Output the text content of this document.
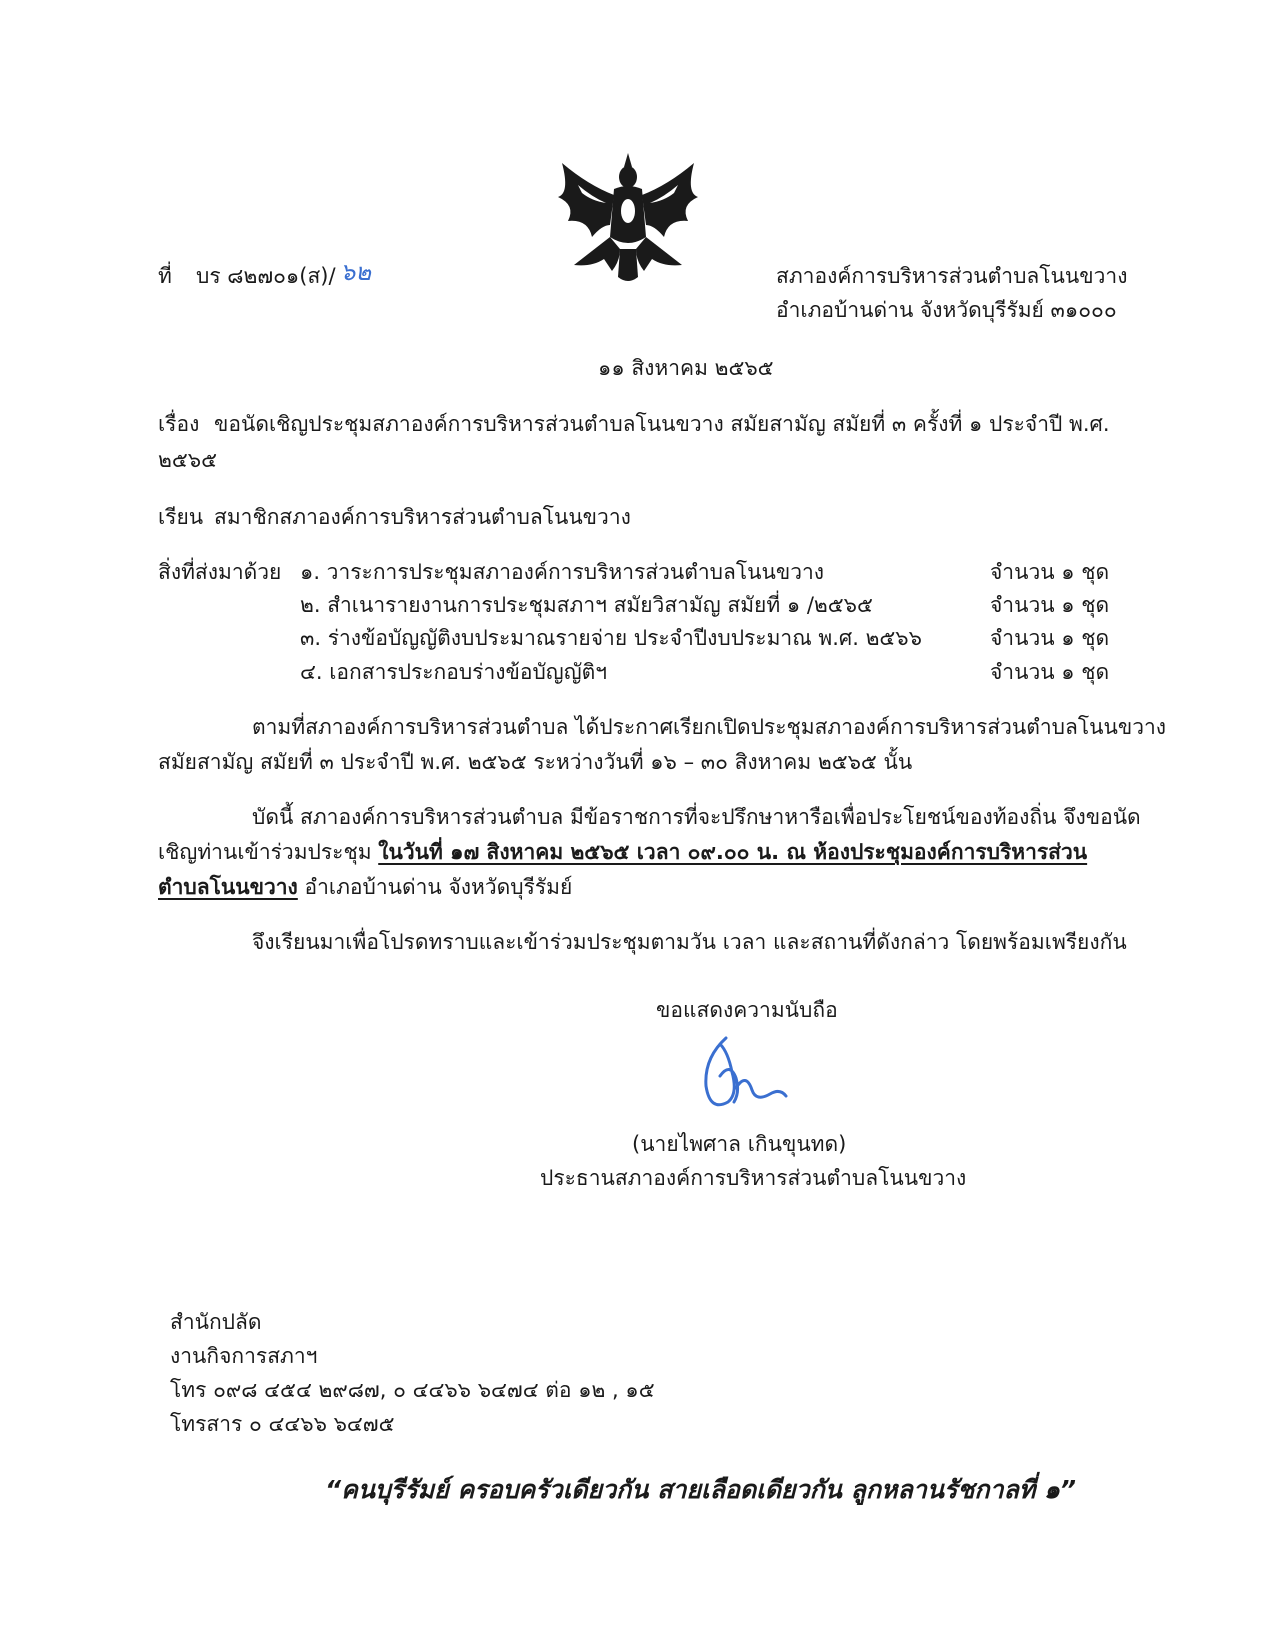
ที่ บร ๘๒๗๐๑(ส)/ ๖๒	สภาองค์การบริหารส่วนตำบลโนนขวาง
อำเภอบ้านด่าน จังหวัดบุรีรัมย์ ๓๑๐๐๐
๑๑ สิงหาคม ๒๕๖๕
เรื่อง ขอนัดเชิญประชุมสภาองค์การบริหารส่วนตำบลโนนขวาง สมัยสามัญ สมัยที่ ๓ ครั้งที่ ๑ ประจำปี พ.ศ.
๒๕๖๕
เรียน สมาชิกสภาองค์การบริหารส่วนตำบลโนนขวาง
สิ่งที่ส่งมาด้วย ๑. วาระการประชุมสภาองค์การบริหารส่วนตำบลโนนขวาง	จำนวน ๑ ชุด
๒. สำเนารายงานการประชุมสภาฯ สมัยวิสามัญ สมัยที่ ๑ /๒๕๖๕	จำนวน ๑ ชุด
๓. ร่างข้อบัญญัติงบประมาณรายจ่าย ประจำปีงบประมาณ พ.ศ. ๒๕๖๖	จำนวน ๑ ชุด
๔. เอกสารประกอบร่างข้อบัญญัติฯ	จำนวน ๑ ชุด
ตามที่สภาองค์การบริหารส่วนตำบล ได้ประกาศเรียกเปิดประชุมสภาองค์การบริหารส่วนตำบลโนนขวาง
สมัยสามัญ สมัยที่ ๓ ประจำปี พ.ศ. ๒๕๖๕ ระหว่างวันที่ ๑๖ – ๓๐ สิงหาคม ๒๕๖๕ นั้น
บัดนี้ สภาองค์การบริหารส่วนตำบล มีข้อราชการที่จะปรึกษาหารือเพื่อประโยชน์ของท้องถิ่น จึงขอนัด
เชิญท่านเข้าร่วมประชุม ในวันที่ ๑๗ สิงหาคม ๒๕๖๕ เวลา ๐๙.๐๐ น. ณ ห้องประชุมองค์การบริหารส่วน
ตำบลโนนขวาง อำเภอบ้านด่าน จังหวัดบุรีรัมย์
จึงเรียนมาเพื่อโปรดทราบและเข้าร่วมประชุมตามวัน เวลา และสถานที่ดังกล่าว โดยพร้อมเพรียงกัน
ขอแสดงความนับถือ
(นายไพศาล เกินขุนทด)
ประธานสภาองค์การบริหารส่วนตำบลโนนขวาง
สำนักปลัด
งานกิจการสภาฯ
โทร ๐๙๘ ๔๕๔ ๒๙๘๗, ๐ ๔๔๖๖ ๖๔๗๔ ต่อ ๑๒ , ๑๕
โทรสาร ๐ ๔๔๖๖ ๖๔๗๕
“คนบุรีรัมย์ ครอบครัวเดียวกัน สายเลือดเดียวกัน ลูกหลานรัชกาลที่ ๑”
